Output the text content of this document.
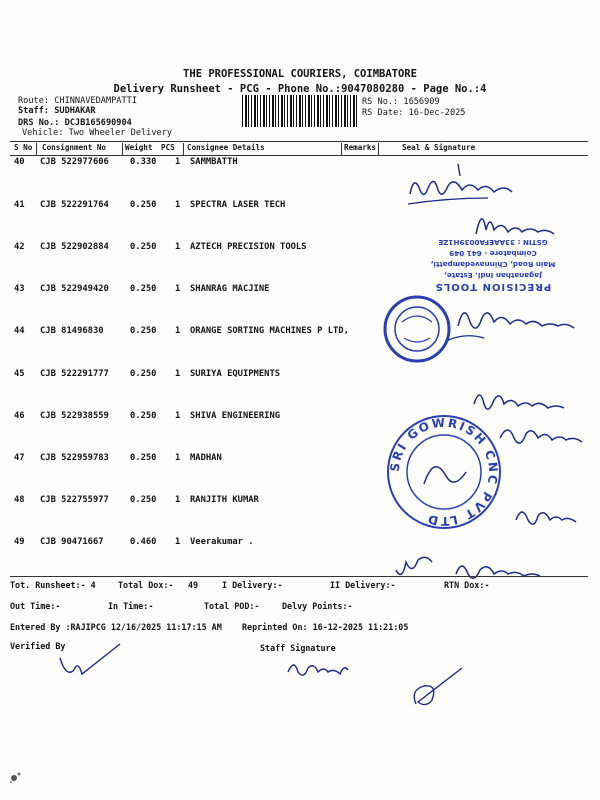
THE PROFESSIONAL COURIERS, COIMBATORE
Delivery Runsheet - PCG - Phone No.:9047080280 - Page No.:4
Route: CHINNAVEDAMPATTI
Staff: SUDHAKAR
DRS No.: DCJB165690904
Vehicle: Two Wheeler Delivery
RS No.: 1656909
RS Date: 16-Dec-2025
S No Consignment No Weight PCS Consignee Details	Remarks	Seal & Signature
40 CJB 522977606 0.330 1 SAMMBATTH
41 CJB 522291764 0.250 1 SPECTRA LASER TECH
42 CJB 522902884 0.250 1 AZTECH PRECISION TOOLS
43 CJB 522949420 0.250 1 SHANRAG MACJINE
44 CJB 81496830	0.250 1 ORANGE SORTING MACHINES P LTD,
45 CJB 522291777 0.250 1 SURIYA EQUIPMENTS
46 CJB 522938559 0.250 1 SHIVA ENGINEERING
47 CJB 522959783 0.250 1 MADHAN
48 CJB 522755977 0.250 1 RANJITH KUMAR
49 CJB 90471667	0.460 1 Veerakumar .
PRECISION TOOLS
Jaganathan Indl. Estate,
Main Road, Chinnavedampatti,
Coimbatore - 641 049
GSTIN : 33AAEFA0039H1ZE
SRI GOWRISH CNC PVT LTD
Tot. Runsheet:- 4	Total Dox:- 49	I Delivery:-	II Delivery:-	RTN Dox:-
Out Time:-	In Time:-	Total POD:-	Delvy Points:-
Entered By :RAJIPCG 12/16/2025 11:17:15 AM Reprinted On: 16-12-2025 11:21:05
Verified By	Staff Signature
